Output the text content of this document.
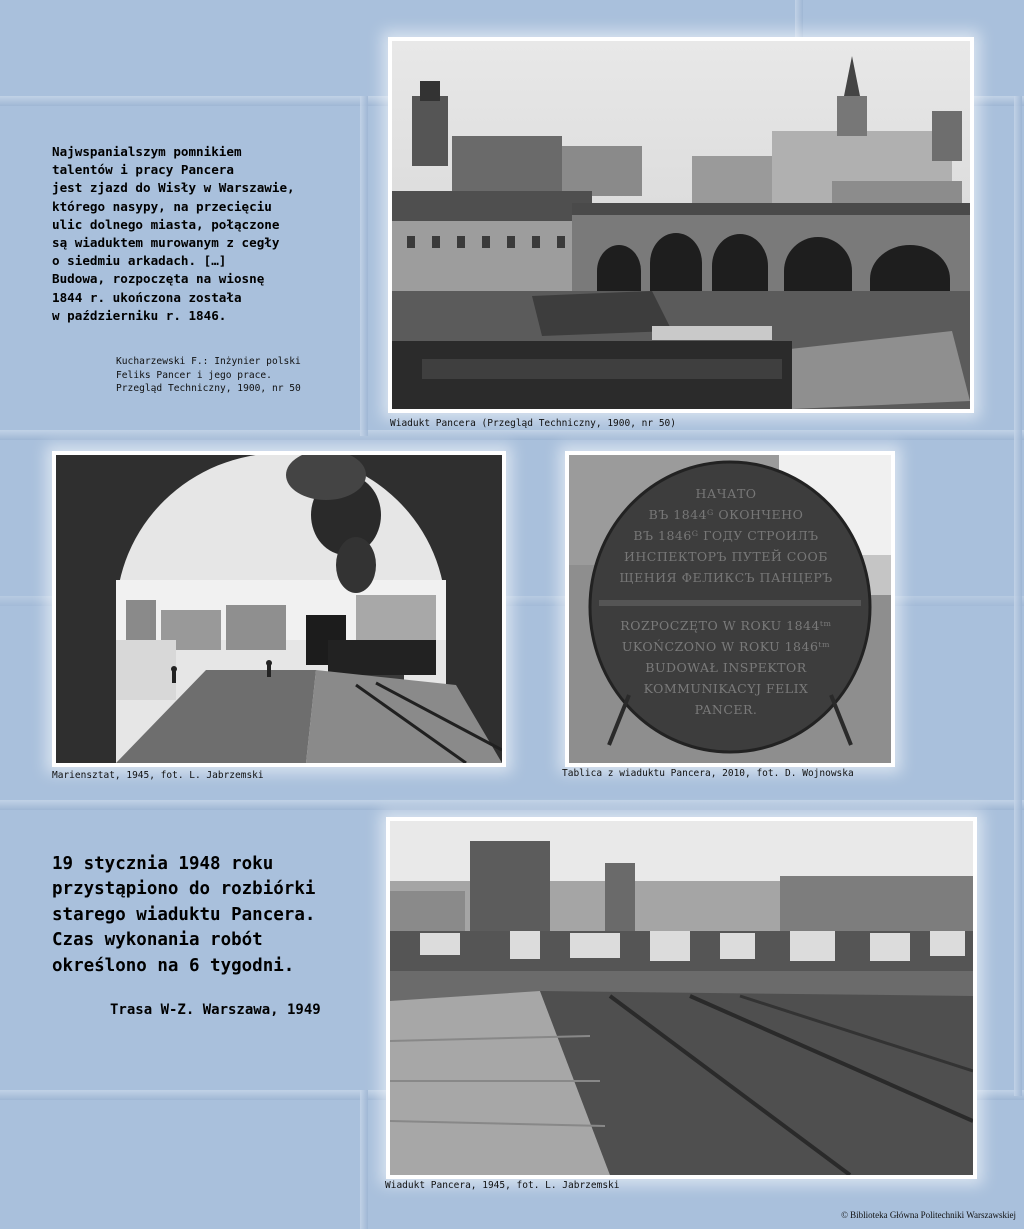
Najwspanialszym pomnikiem
talentów i pracy Pancera
jest zjazd do Wisły w Warszawie,
którego nasypy, na przecięciu
ulic dolnego miasta, połączone
są wiaduktem murowanym z cegły
o siedmiu arkadach. […]
Budowa, rozpoczęta na wiosnę
1844 r. ukończona została
w październiku r. 1846.
Kucharzewski F.: Inżynier polski
Feliks Pancer i jego prace.
Przegląd Techniczny, 1900, nr 50
Wiadukt Pancera (Przegląd Techniczny, 1900, nr 50)
Mariensztat, 1945, fot. L. Jabrzemski
НАЧАТО
ВЪ 1844ᴳ ОКОНЧЕНО
ВЪ 1846ᴳ ГОДУ СТРОИЛЪ
ИНСПЕКТОРЪ ПУТЕЙ СООБ
ЩЕНИЯ ФЕЛИКСЪ ПАНЦЕРЪ
ROZPOCZĘTO W ROKU 1844ᵗᵐ
UKOŃCZONO W ROKU 1846ᵗᵐ
BUDOWAŁ INSPEKTOR
KOMMUNIKACYJ FELIX
PANCER.
Tablica z wiaduktu Pancera, 2010, fot. D. Wojnowska
19 stycznia 1948 roku
przystąpiono do rozbiórki
starego wiaduktu Pancera.
Czas wykonania robót
określono na 6 tygodni.
Trasa W-Z. Warszawa, 1949
Wiadukt Pancera, 1945, fot. L. Jabrzemski
© Biblioteka Główna Politechniki Warszawskiej
